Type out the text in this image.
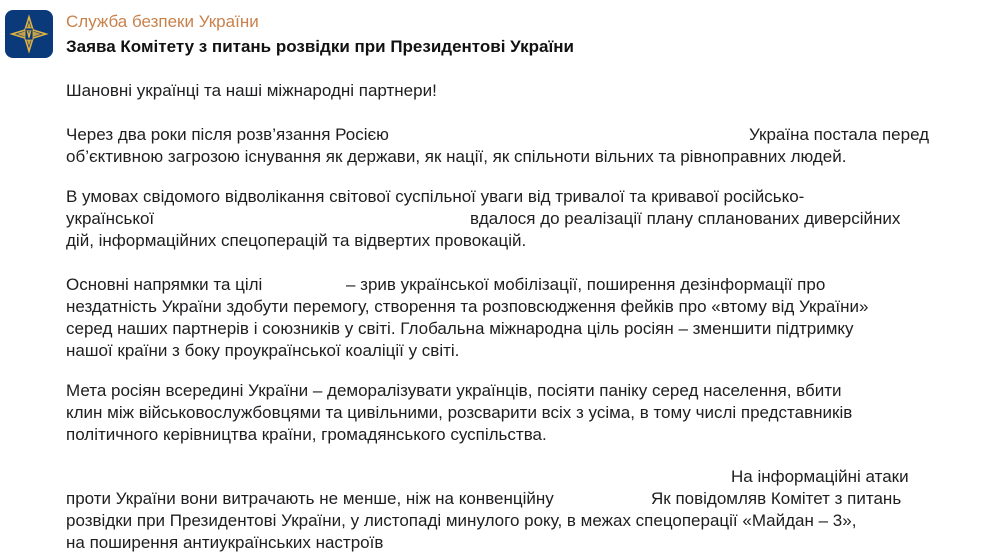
Служба безпеки України
Заява Комітету з питань розвідки при Президентові України
Шановні українці та наші міжнародні партнери!
Через два роки після розв’язання Росією	Україна постала перед
об’єктивною загрозою існування як держави, як нації, як спільноти вільних та рівноправних людей.
В умовах свідомого відволікання світової суспільної уваги від тривалої та кривавої російсько-
української	вдалося до реалізації плану спланованих диверсійних
дій, інформаційних спецоперацій та відвертих провокацій.
Основні напрямки та цілі	– зрив української мобілізації, поширення дезінформації про
нездатність України здобути перемогу, створення та розповсюдження фейків про «втому від України»
серед наших партнерів і союзників у світі. Глобальна міжнародна ціль росіян – зменшити підтримку
нашої країни з боку проукраїнської коаліції у світі.
Мета росіян всередині України – деморалізувати українців, посіяти паніку серед населення, вбити
клин між військовослужбовцями та цивільними, розсварити всіх з усіма, в тому числі представників
політичного керівництва країни, громадянського суспільства.
На інформаційні атаки
проти України вони витрачають не менше, ніж на конвенційну	Як повідомляв Комітет з питань
розвідки при Президентові України, у листопаді минулого року, в межах спецоперації «Майдан – 3»,
на поширення антиукраїнських настроїв
